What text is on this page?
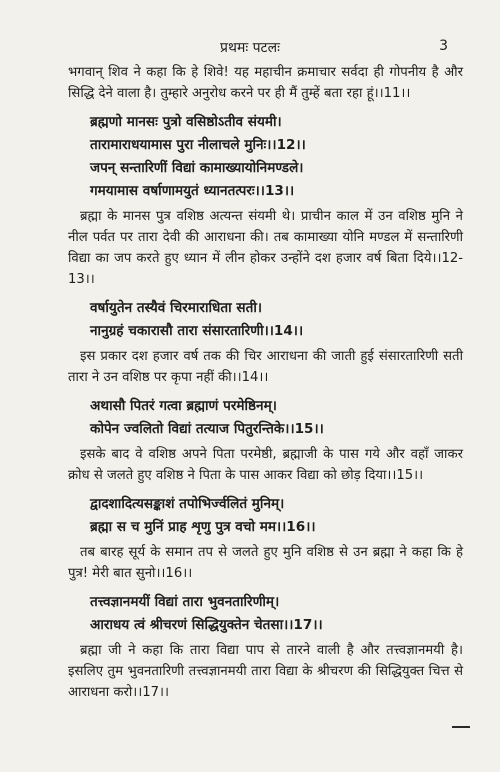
प्रथमः पटलः	3

भगवान् शिव ने कहा कि हे शिवे! यह महाचीन क्रमाचार सर्वदा ही गोपनीय है और सिद्धि देने वाला है। तुम्हारे अनुरोध करने पर ही मैं तुम्हें बता रहा हूं।।11।।

ब्रह्मणो मानसः पुत्रो वसिष्ठोऽतीव संयमी।
ताराम‍ाराधयामास पुरा नीलाचले मुनिः।।12।।
जपन् सन्तारिणीं विद्यां कामाख्यायोनिमण्डले।
गमयामास वर्षाणामयुतं ध्यानतत्परः।।13।।

ब्रह्मा के मानस पुत्र वशिष्ठ अत्यन्त संयमी थे। प्राचीन काल में उन वशिष्ठ मुनि ने नील पर्वत पर तारा देवी की आराधना की। तब कामाख्या योनि मण्डल में सन्तारिणी विद्या का जप करते हुए ध्यान में लीन होकर उन्होंने दश हजार वर्ष बिता दिये।।12-13।।

वर्षायुतेन तस्यैवं चिरमाराधिता सती।
नानुग्रहं चकारासौ तारा संसारतारिणी।।14।।

इस प्रकार दश हजार वर्ष तक की चिर आराधना की जाती हुई संसारतारिणी सती तारा ने उन वशिष्ठ पर कृपा नहीं की।।14।।

अथासौ पितरं गत्वा ब्रह्माणं परमेष्ठिनम्।
कोपेन ज्वलितो विद्यां तत्याज पितुरन्तिके।।15।।

इसके बाद वे वशिष्ठ अपने पिता परमेष्ठी, ब्रह्माजी के पास गये और वहाँ जाकर क्रोध से जलते हुए वशिष्ठ ने पिता के पास आकर विद्या को छोड़ दिया।।15।।

द्वादशादित्यसङ्काशं तपोभिर्ज्वलितं मुनिम्।
ब्रह्मा स च मुनिं प्राह शृणु पुत्र वचो मम।।16।।

तब बारह सूर्य के समान तप से जलते हुए मुनि वशिष्ठ से उन ब्रह्मा ने कहा कि हे पुत्र! मेरी बात सुनो।।16।।

तत्त्वज्ञानमयीं विद्यां तारा भुवनतारिणीम्।
आराधय त्वं श्रीचरणं सिद्धियुक्तेन चेतसा।।17।।

ब्रह्मा जी ने कहा कि तारा विद्या पाप से तारने वाली है और तत्त्वज्ञानमयी है। इसलिए तुम भुवनतारिणी तत्त्वज्ञानमयी तारा विद्या के श्रीचरण की सिद्धियुक्त चित्त से आराधना करो।।17।।
